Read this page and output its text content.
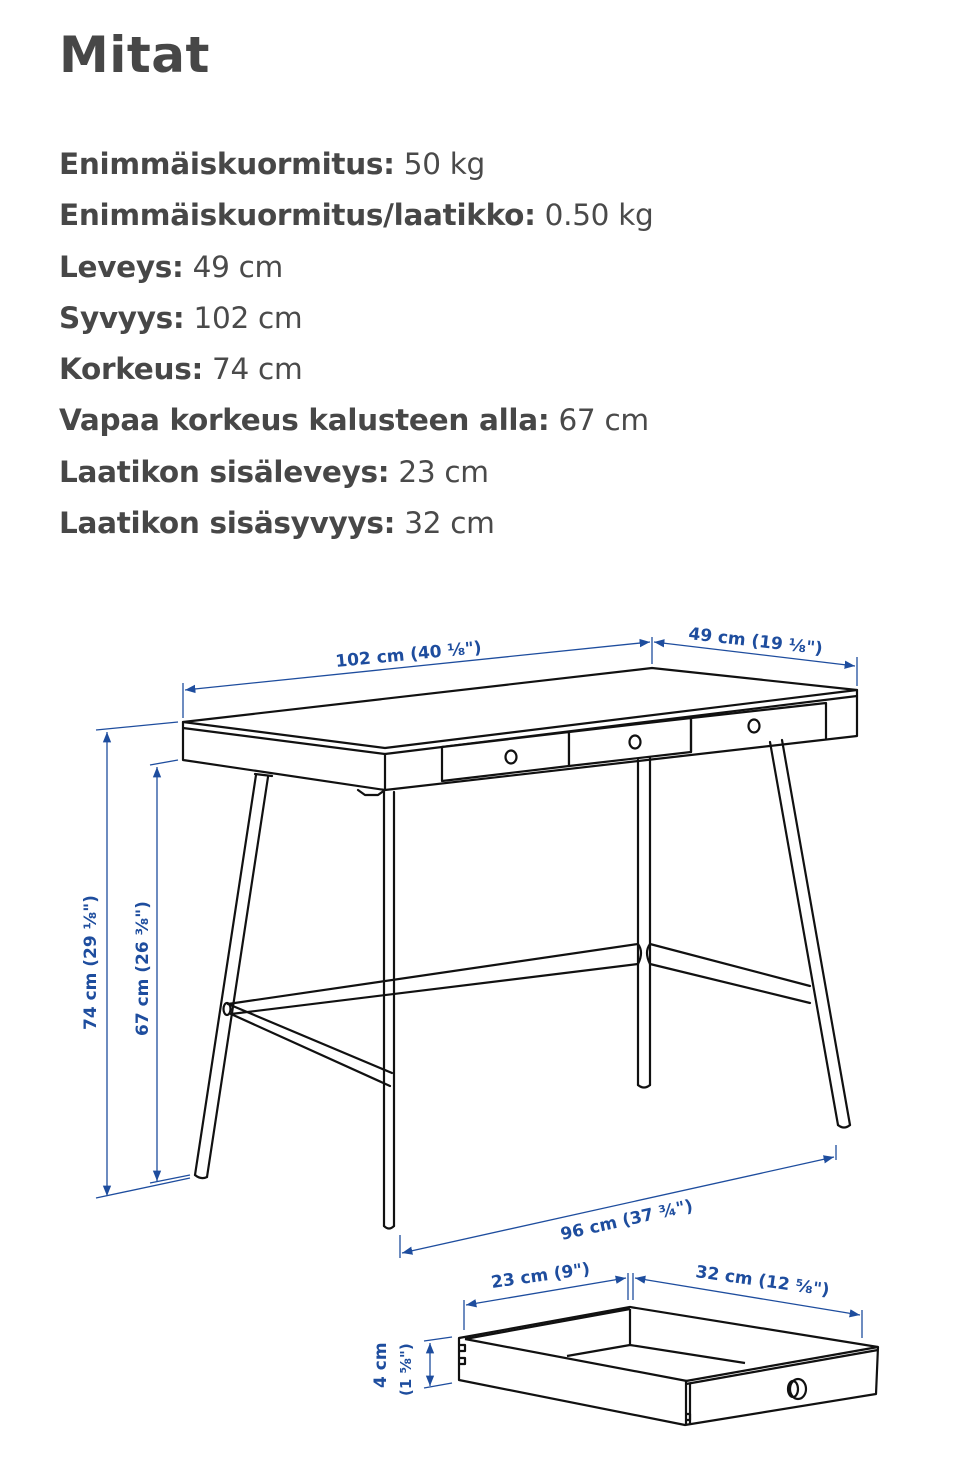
Mitat
Enimmäiskuormitus: 50 kg
Enimmäiskuormitus/laatikko: 0.50 kg
Leveys: 49 cm
Syvyys: 102 cm
Korkeus: 74 cm
Vapaa korkeus kalusteen alla: 67 cm
Laatikon sisäleveys: 23 cm
Laatikon sisäsyvyys: 32 cm
102 cm (40 ⅛")	49 cm (19 ⅛")
74 cm (29 ⅛") 67 cm (26 ⅜")
96 cm (37 ¾")
23 cm (9")	32 cm (12 ⅝")
4 cm (1 ⅝")
